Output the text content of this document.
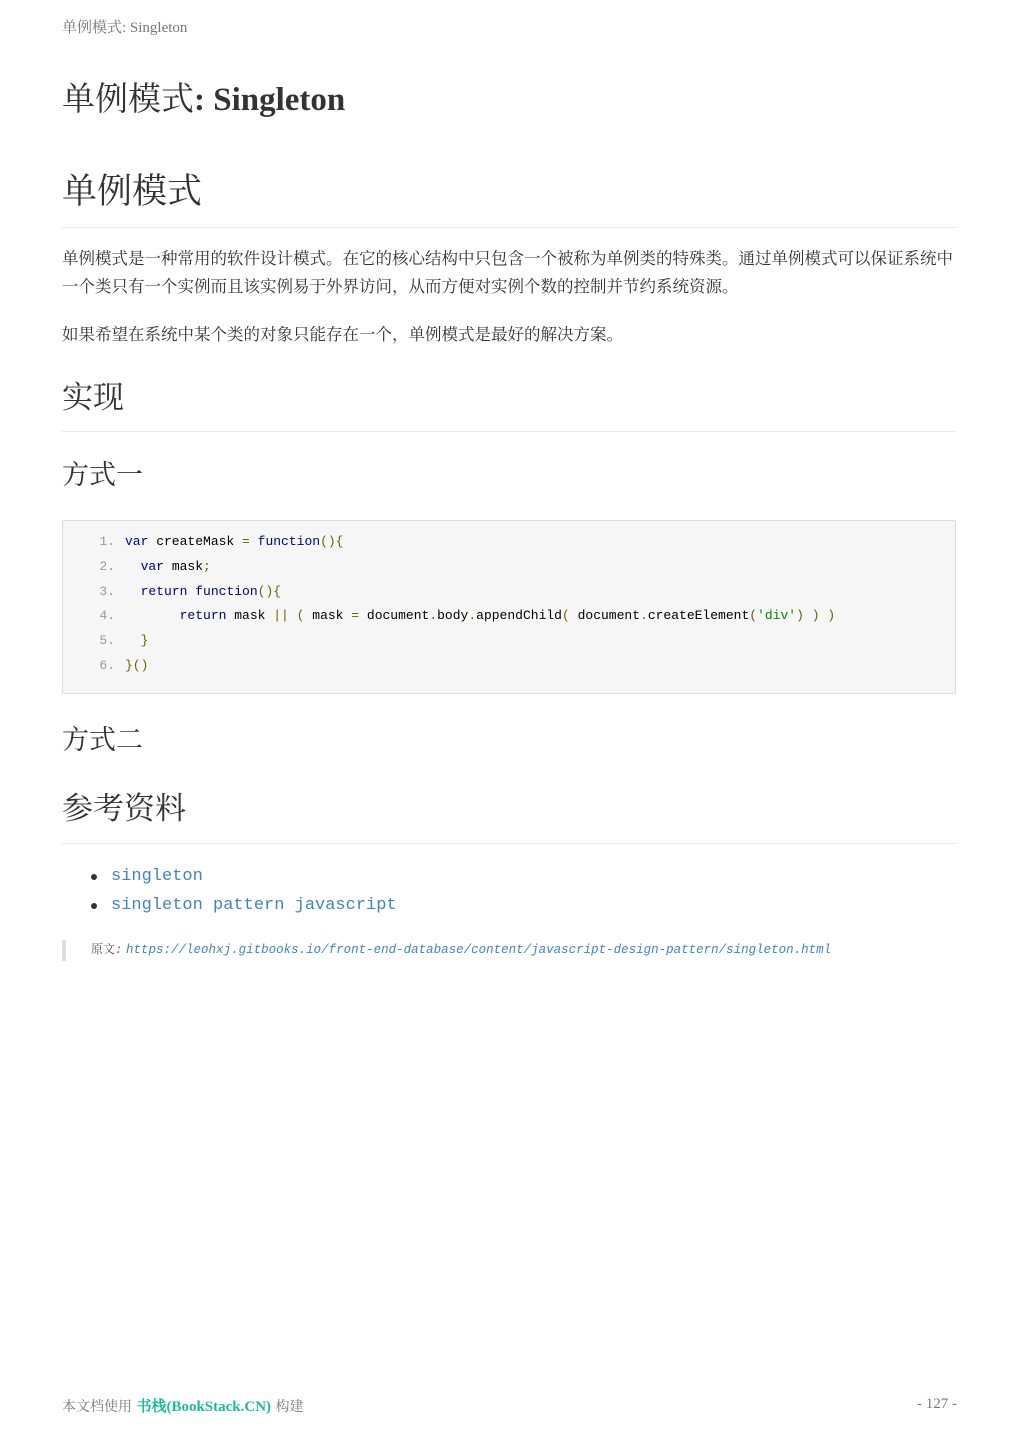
单例模式: Singleton
单例模式: Singleton
单例模式

单例模式是一种常用的软件设计模式。在它的核心结构中只包含一个被称为单例类的特殊类。通过单例模式可以保证系统中一个类只有一个实例而且该实例易于外界访问，从而方便对实例个数的控制并节约系统资源。

如果希望在系统中某个类的对象只能存在一个，单例模式是最好的解决方案。

实现
方式一
1. var createMask = function(){
2. var mask;
3. return function(){
4.	return mask || ( mask = document.body.appendChild( document.createElement('div') ) )
5. }
6. }()
方式二
参考资料
singleton
singleton pattern javascript
原文: https://leohxj.gitbooks.io/front-end-database/content/javascript-design-pattern/singleton.html
本文档使用 书栈(BookStack.CN) 构建	- 127 -
